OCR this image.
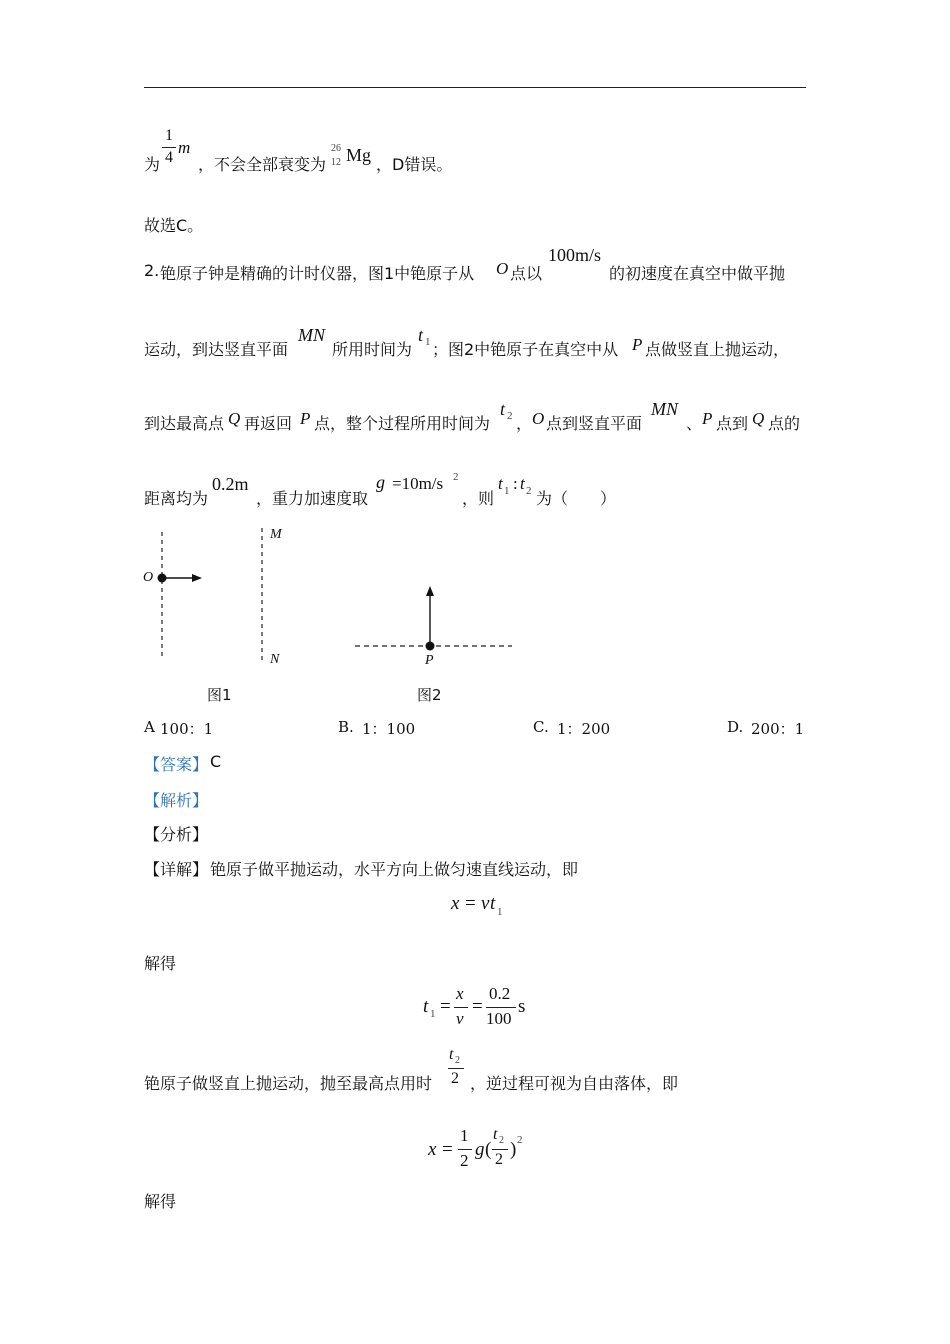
为
1
4
m
，不会全部衰变为
26
12 Mg ，D错误。
故选C。
2. 铯原子钟是精确的计时仪器，图1中铯原子从 O 点以
100m/s
的初速度在真空中做平抛
运动，到达竖直平面
MN
所用时间为
t 1 ；图2中铯原子在真空中从 P 点做竖直上抛运动，
到达最高点 Q 再返回 P 点，整个过程所用时间为
t 2 ， O 点到竖直平面
MN
、 P 点到 Q 点的
距离均为
0.2m
，重力加速度取
g =10m/s 2
，则
t 1 : t 2 为（　　）
O
M
N	P
图1	图2
A 100：1	B. 1：100	C. 1：200	D. 200：1
【答案】 C
【解析】
【分析】
【详解】 铯原子做平抛运动，水平方向上做匀速直线运动，即
x = v t 1
解得
t 1 =
x
v
=
0.2
100
s
铯原子做竖直上抛运动，抛至最高点用时
t 2
2 ，逆过程可视为自由落体，即
x =
1
2
g (
t 2
2 ) 2
解得
